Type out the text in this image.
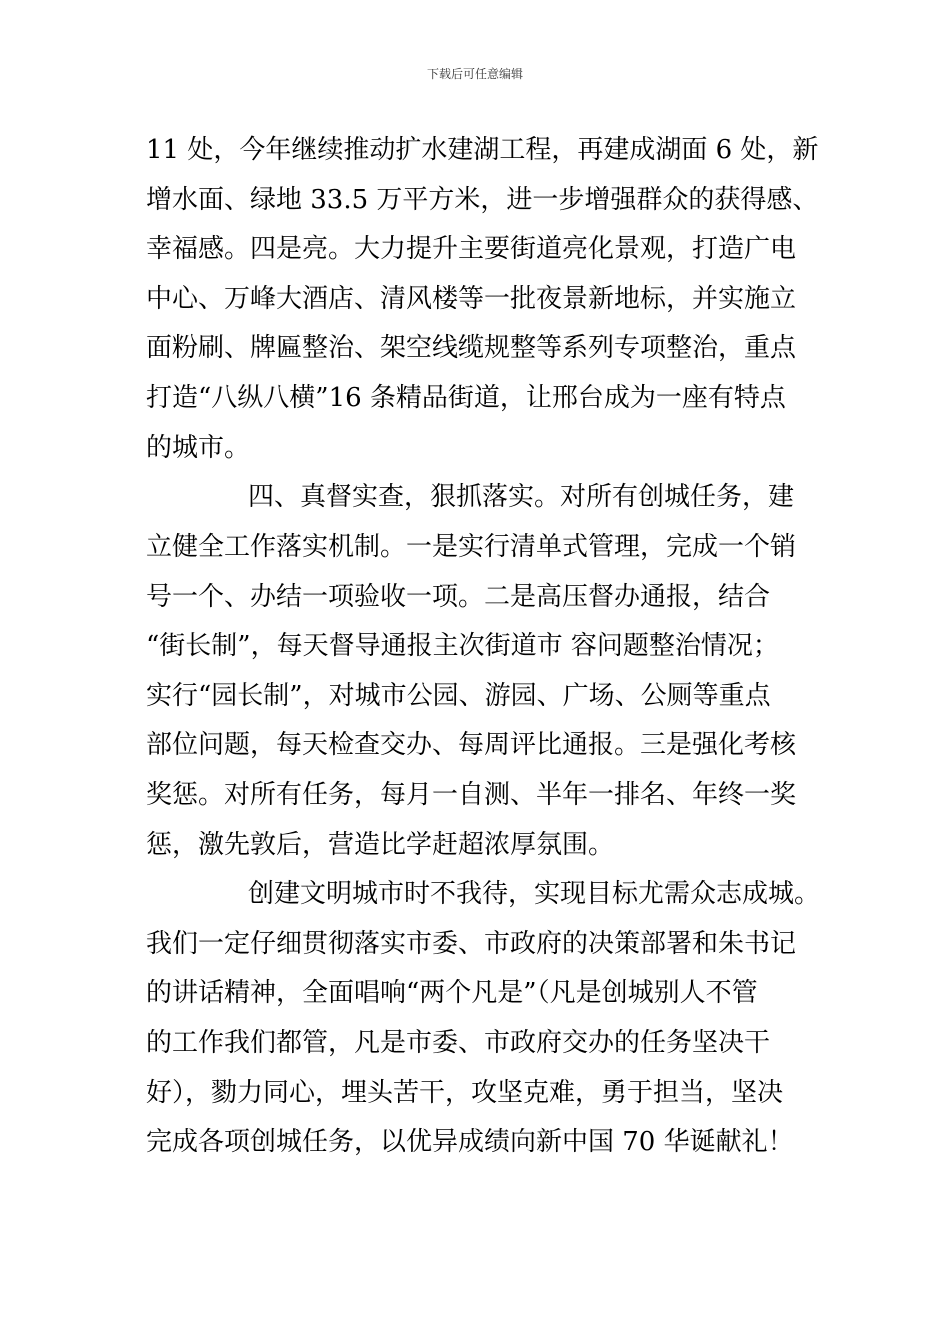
下载后可任意编辑
11 处，今年继续推动扩水建湖工程，再建成湖面 6 处，新
增水面、绿地 33.5 万平方米，进一步增强群众的获得感、
幸福感。四是亮。大力提升主要街道亮化景观，打造广电
中心、万峰大酒店、清风楼等一批夜景新地标，并实施立
面粉刷、牌匾整治、架空线缆规整等系列专项整治，重点
打造“八纵八横”16 条精品街道，让邢台成为一座有特点
的城市。
四、真督实查，狠抓落实。对所有创城任务，建
立健全工作落实机制。一是实行清单式管理，完成一个销
号一个、办结一项验收一项。二是高压督办通报，结合
“街长制”，每天督导通报主次街道市 容问题整治情况；
实行“园长制”，对城市公园、游园、广场、公厕等重点
部位问题，每天检查交办、每周评比通报。三是强化考核
奖惩。对所有任务，每月一自测、半年一排名、年终一奖
惩，激先敦后，营造比学赶超浓厚氛围。
创建文明城市时不我待，实现目标尤需众志成城。
我们一定仔细贯彻落实市委、市政府的决策部署和朱书记
的讲话精神，全面唱响“两个凡是”（凡是创城别人不管
的工作我们都管，凡是市委、市政府交办的任务坚决干
好），勠力同心，埋头苦干，攻坚克难，勇于担当，坚决
完成各项创城任务，以优异成绩向新中国 70 华诞献礼！
